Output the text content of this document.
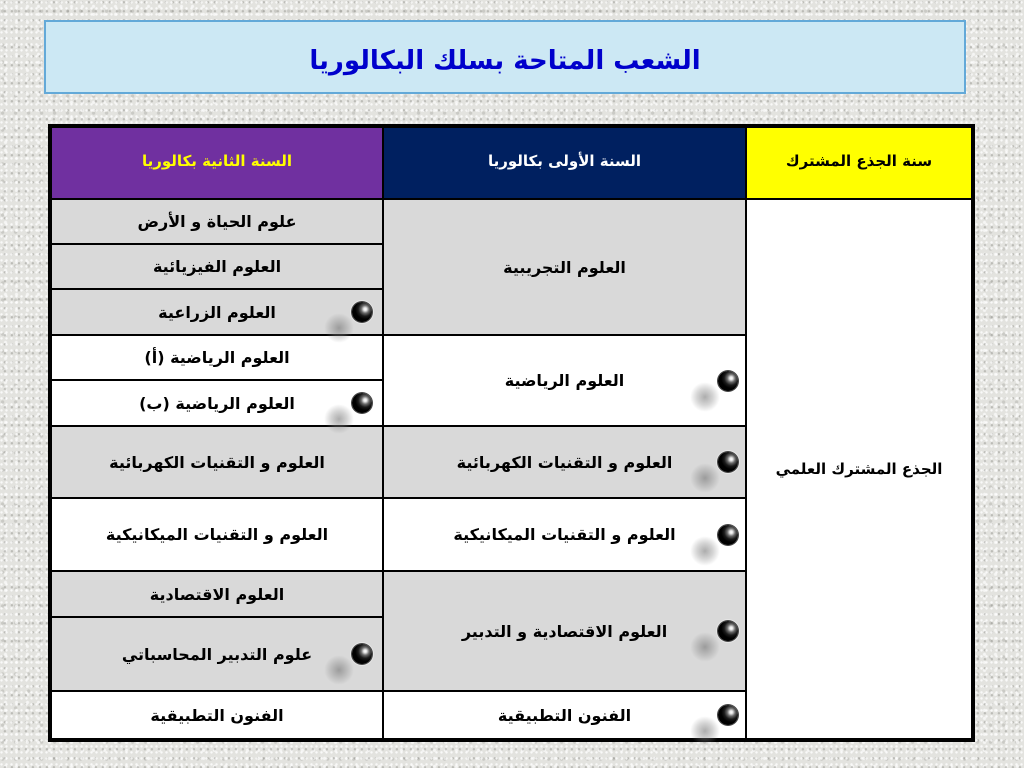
الشعب المتاحة بسلك البكالوريا
السنة الثانية بكالوريا	السنة الأولى بكالوريا	سنة الجذع المشترك
علوم الحياة و الأرض
العلوم الفيزيائية
العلوم الزراعية
العلوم الرياضية (أ)
العلوم الرياضية (ب)
العلوم و التقنيات الكهربائية
العلوم و التقنيات الميكانيكية
العلوم الاقتصادية
علوم التدبير المحاسباتي
الفنون التطبيقية
العلوم التجريبية
العلوم الرياضية
العلوم و التقنيات الكهربائية
العلوم و التقنيات الميكانيكية
العلوم الاقتصادية و التدبير
الفنون التطبيقية
الجذع المشترك العلمي
